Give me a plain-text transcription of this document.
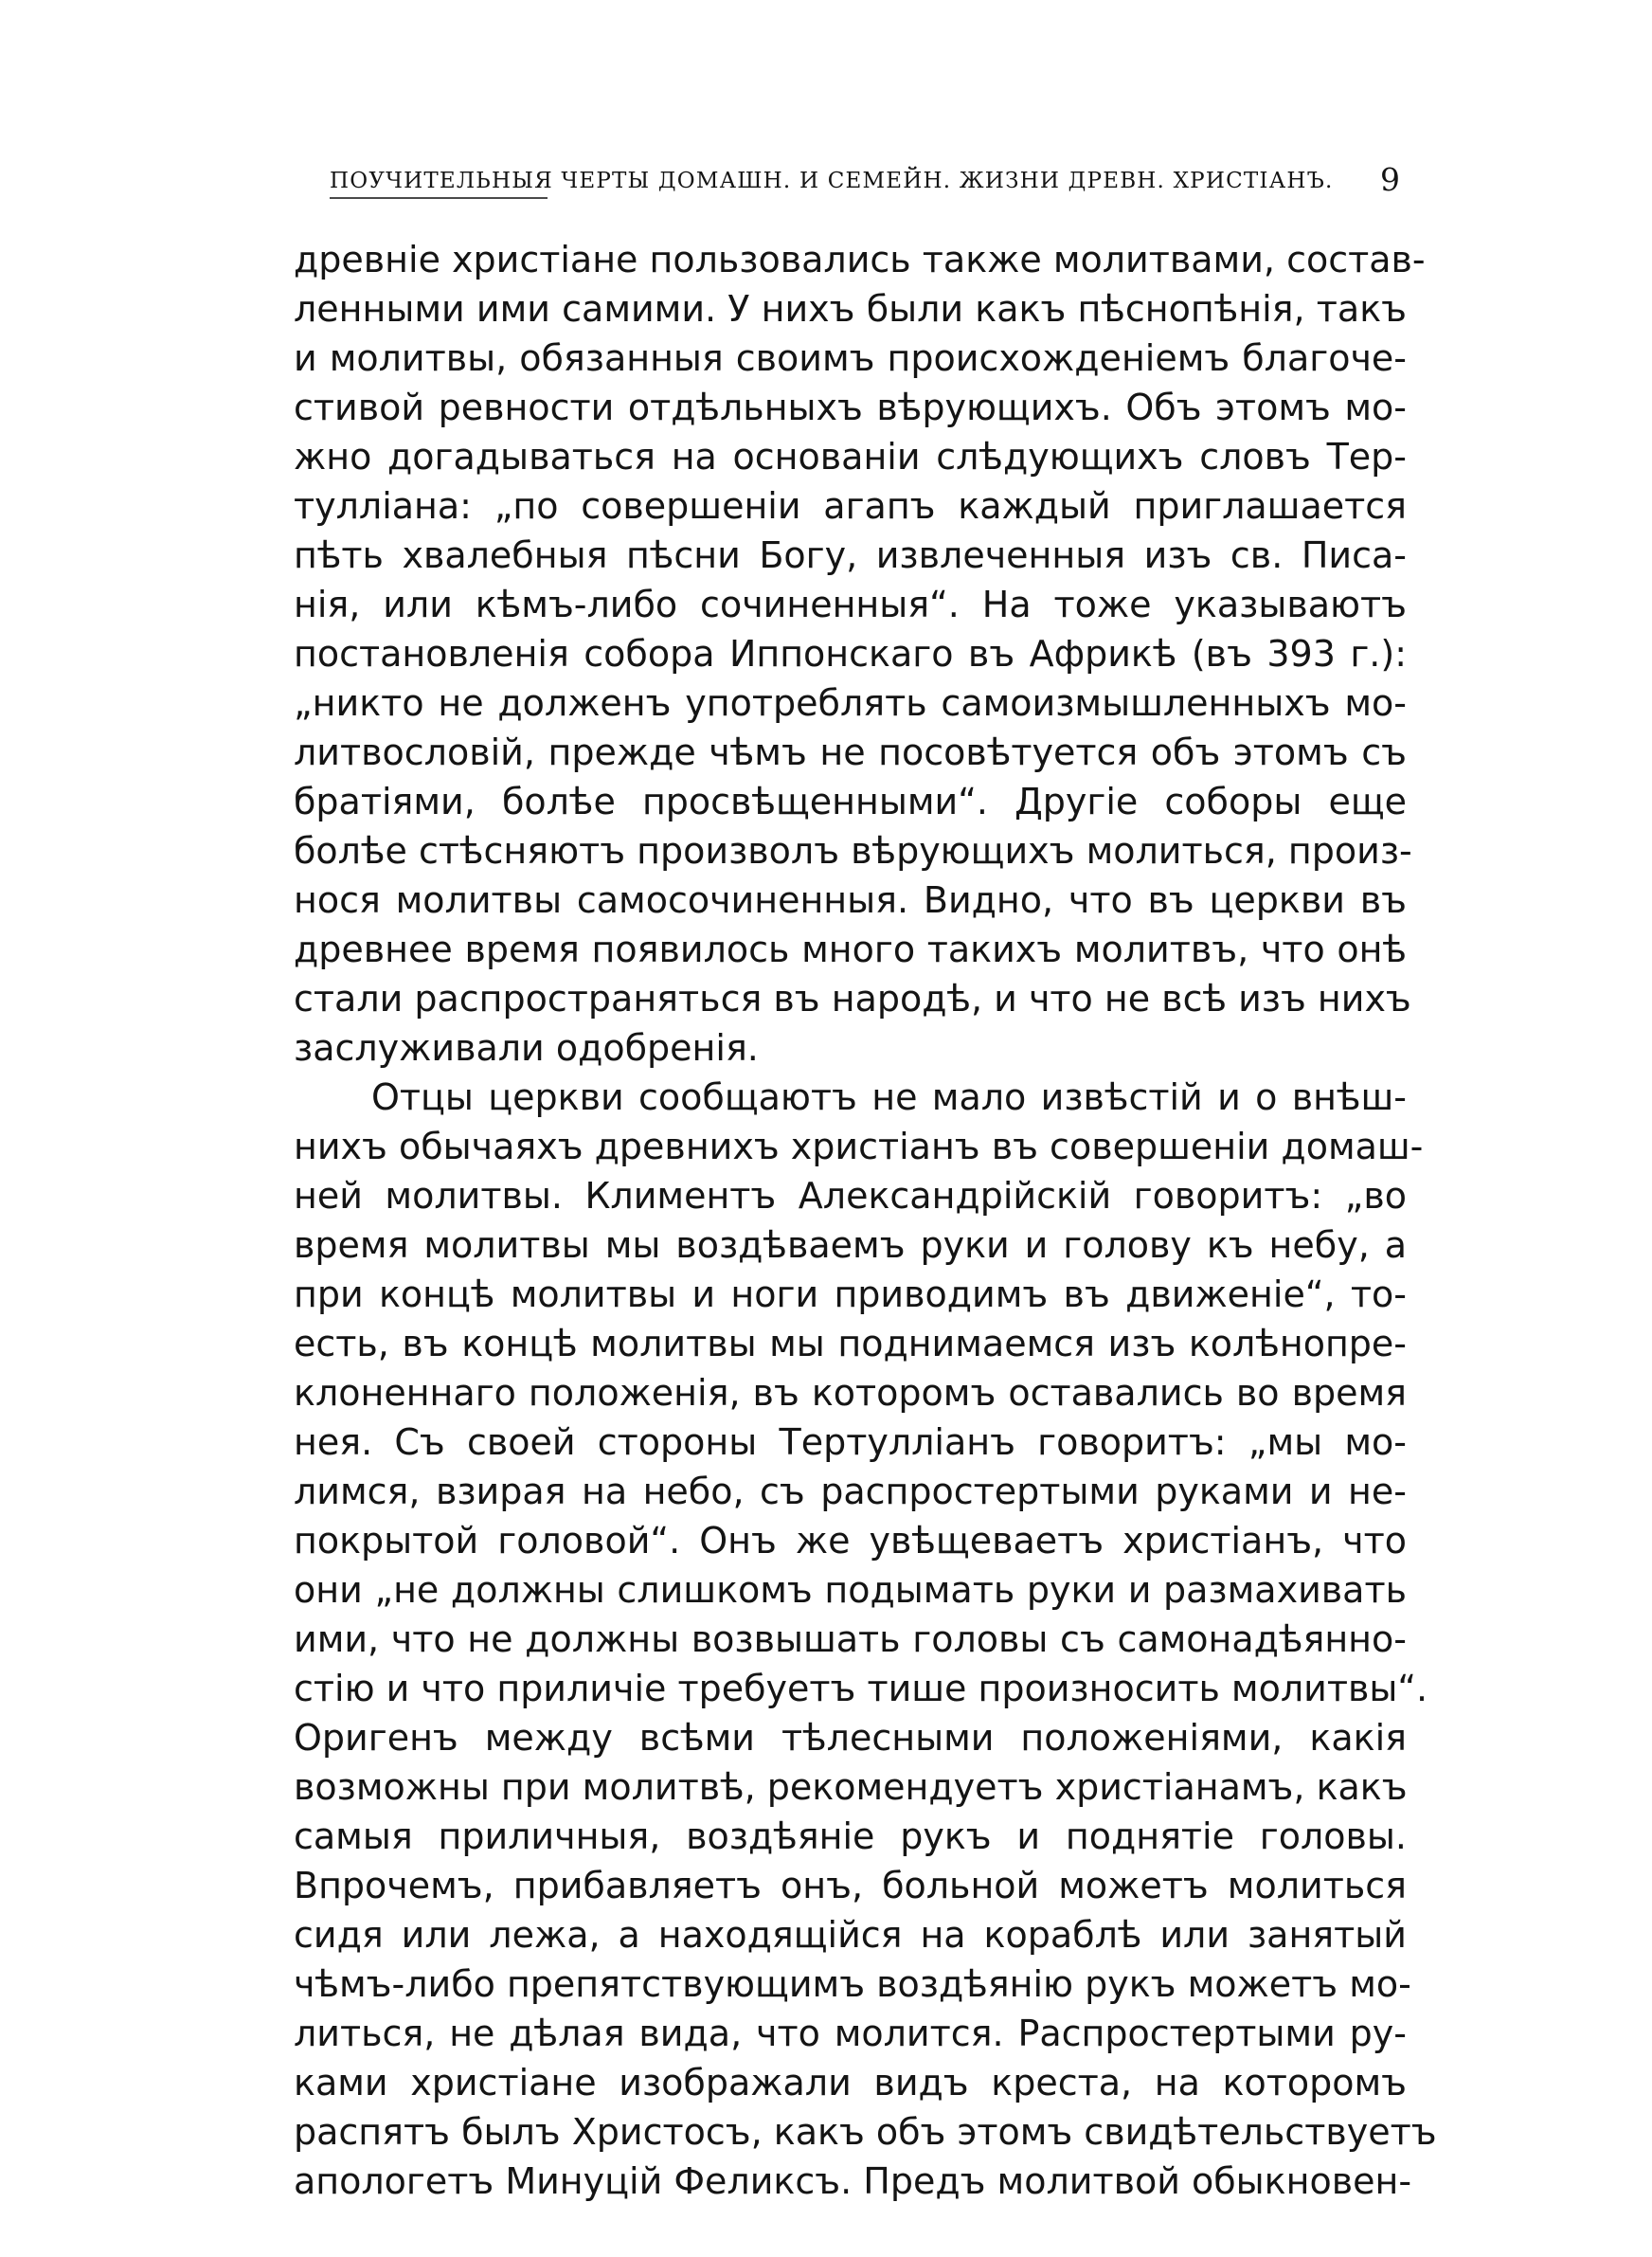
ПОУЧИТЕЛЬНЫЯ ЧЕРТЫ ДОМАШН. И СЕМЕЙН. ЖИЗНИ ДРЕВН. ХРИСТІАНЪ. 9
древніе христіане пользовались также молитвами, состав-
ленными ими самими. У нихъ были какъ пѣснопѣнія, такъ
и молитвы, обязанныя своимъ происхожденіемъ благоче-
стивой ревности отдѣльныхъ вѣрующихъ. Объ этомъ мо-
жно догадываться на основаніи слѣдующихъ словъ Тер-
тулліана: „по совершеніи агапъ каждый приглашается
пѣть хвалебныя пѣсни Богу, извлеченныя изъ св. Писа-
нія, или кѣмъ-либо сочиненныя“. На тоже указываютъ
постановленія собора Иппонскаго въ Африкѣ (въ 393 г.):
„никто не долженъ употреблять самоизмышленныхъ мо-
литвословій, прежде чѣмъ не посовѣтуется объ этомъ съ
братіями, болѣе просвѣщенными“. Другіе соборы еще
болѣе стѣсняютъ произволъ вѣрующихъ молиться, произ-
нося молитвы самосочиненныя. Видно, что въ церкви въ
древнее время появилось много такихъ молитвъ, что онѣ
стали распространяться въ народѣ, и что не всѣ изъ нихъ
заслуживали одобренія.
Отцы церкви сообщаютъ не мало извѣстій и о внѣш-
нихъ обычаяхъ древнихъ христіанъ въ совершеніи домаш-
ней молитвы. Климентъ Александрійскій говоритъ: „во
время молитвы мы воздѣваемъ руки и голову къ небу, а
при концѣ молитвы и ноги приводимъ въ движеніе“, то-
есть, въ концѣ молитвы мы поднимаемся изъ колѣнопре-
клоненнаго положенія, въ которомъ оставались во время
нея. Съ своей стороны Тертулліанъ говоритъ: „мы мо-
лимся, взирая на небо, съ распростертыми руками и не-
покрытой головой“. Онъ же увѣщеваетъ христіанъ, что
они „не должны слишкомъ подымать руки и размахивать
ими, что не должны возвышать головы съ самонадѣянно-
стію и что приличіе требуетъ тише произносить молитвы“.
Оригенъ между всѣми тѣлесными положеніями, какія
возможны при молитвѣ, рекомендуетъ христіанамъ, какъ
самыя приличныя, воздѣяніе рукъ и поднятіе головы.
Впрочемъ, прибавляетъ онъ, больной можетъ молиться
сидя или лежа, а находящійся на кораблѣ или занятый
чѣмъ-либо препятствующимъ воздѣянію рукъ можетъ мо-
литься, не дѣлая вида, что молится. Распростертыми ру-
ками христіане изображали видъ креста, на которомъ
распятъ былъ Христосъ, какъ объ этомъ свидѣтельствуетъ
апологетъ Минуцій Феликсъ. Предъ молитвой обыкновен-
